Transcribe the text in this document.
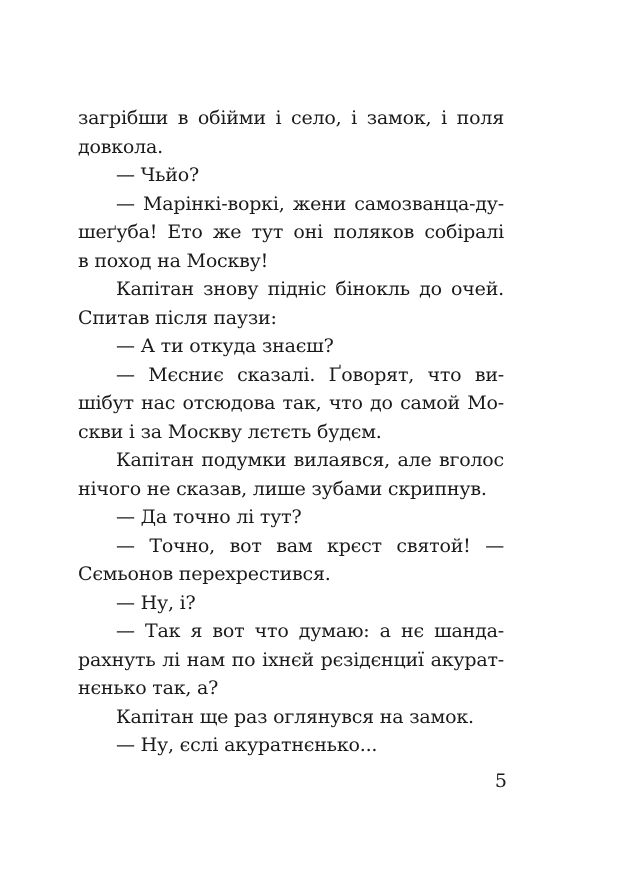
загрібши в обійми і село, і замок, і поля
довкола.
— Чьйо?
— Марінкі-воркі, жени самозванца-ду-
шеґуба! Ето же тут оні поляков собіралі
в поход на Москву!
Капітан знову підніс бінокль до очей.
Спитав після паузи:
— А ти откуда знаєш?
— Мєсниє сказалі. Ґоворят, что ви-
шібут нас отсюдова так, что до самой Мо-
скви і за Москву лєтєть будєм.
Капітан подумки вилаявся, але вголос
нічого не сказав, лише зубами скрипнув.
— Да точно лі тут?
— Точно, вот вам крєст святой! —
Сємьонов перехрестився.
— Ну, і?
— Так я вот что думаю: а нє шанда-
рахнуть лі нам по іхнєй рєзідєнциї акурат-
нєнько так, а?
Капітан ще раз оглянувся на замок.
— Ну, єслі акуратнєнько...
5
